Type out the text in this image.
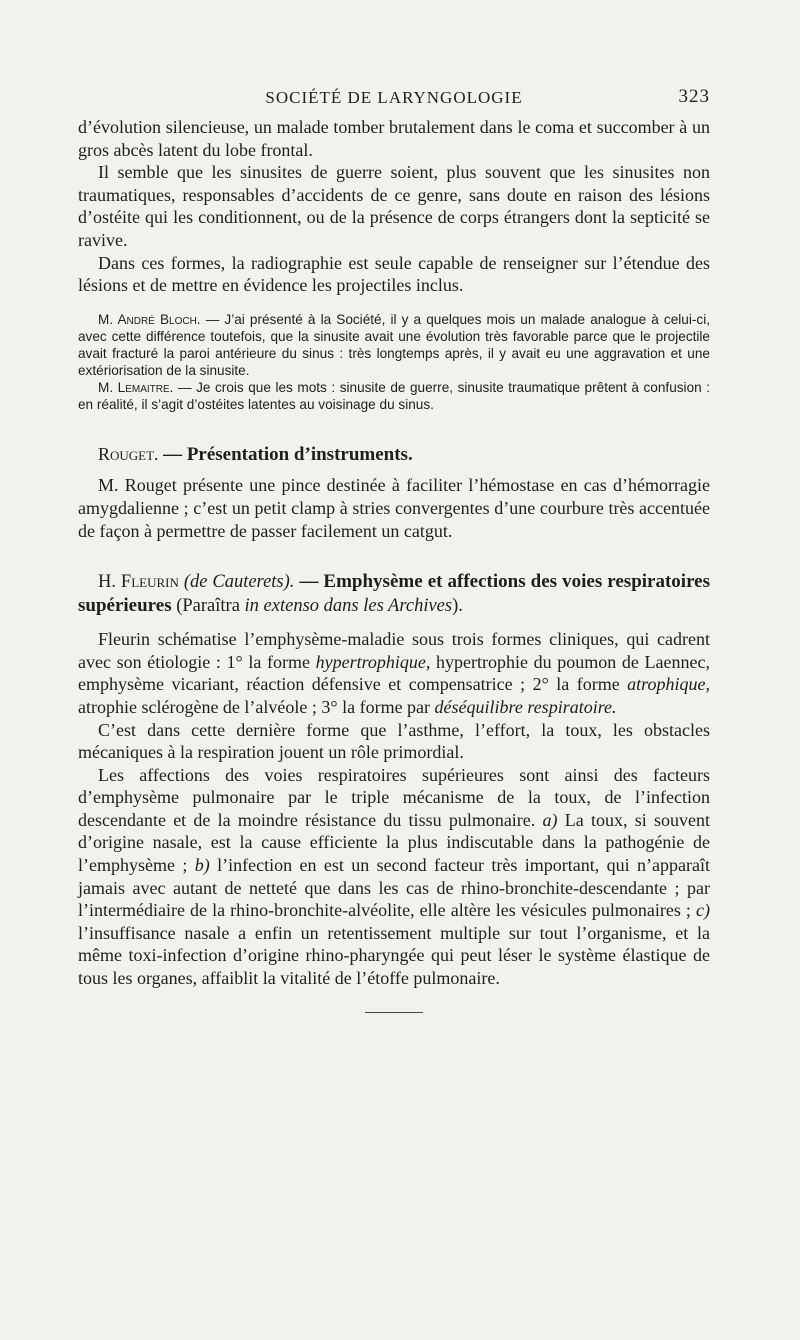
SOCIÉTÉ DE LARYNGOLOGIE	323

d’évolution silencieuse, un malade tomber brutalement dans le coma et succomber à un gros abcès latent du lobe frontal.

Il semble que les sinusites de guerre soient, plus souvent que les sinusites non traumatiques, responsables d’accidents de ce genre, sans doute en raison des lésions d’ostéite qui les conditionnent, ou de la présence de corps étrangers dont la septicité se ravive.

Dans ces formes, la radiographie est seule capable de renseigner sur l’étendue des lésions et de mettre en évidence les projectiles inclus.

M. André Bloch. — J’ai présenté à la Société, il y a quelques mois un malade analogue à celui-ci, avec cette différence toutefois, que la sinusite avait une évolution très favorable parce que le projectile avait fracturé la paroi antérieure du sinus : très longtemps après, il y avait eu une aggravation et une extériorisation de la sinusite.

M. Lemaitre. — Je crois que les mots : sinusite de guerre, sinusite traumatique prêtent à confusion : en réalité, il s’agit d’ostéites latentes au voisinage du sinus.

Rouget. — Présentation d’instruments.

M. Rouget présente une pince destinée à faciliter l’hémostase en cas d’hémorragie amygdalienne ; c’est un petit clamp à stries convergentes d’une courbure très accentuée de façon à permettre de passer facilement un catgut.

H. Fleurin (de Cauterets). — Emphysème et affections des voies respiratoires supérieures (Paraîtra in extenso dans les Archives).

Fleurin schématise l’emphysème-maladie sous trois formes cliniques, qui cadrent avec son étiologie : 1° la forme hypertrophique, hypertrophie du poumon de Laennec, emphysème vicariant, réaction défensive et compensatrice ; 2° la forme atrophique, atrophie sclérogène de l’alvéole ; 3° la forme par déséquilibre respiratoire.

C’est dans cette dernière forme que l’asthme, l’effort, la toux, les obstacles mécaniques à la respiration jouent un rôle primordial.

Les affections des voies respiratoires supérieures sont ainsi des facteurs d’emphysème pulmonaire par le triple mécanisme de la toux, de l’infection descendante et de la moindre résistance du tissu pulmonaire. a) La toux, si souvent d’origine nasale, est la cause efficiente la plus indiscutable dans la pathogénie de l’emphysème ; b) l’infection en est un second facteur très important, qui n’apparaît jamais avec autant de netteté que dans les cas de rhino-bronchite-descendante ; par l’intermédiaire de la rhino-bronchite-alvéolite, elle altère les vésicules pulmonaires ; c) l’insuffisance nasale a enfin un retentissement multiple sur tout l’organisme, et la même toxi-infection d’origine rhino-pharyngée qui peut léser le système élastique de tous les organes, affaiblit la vitalité de l’étoffe pulmonaire.
